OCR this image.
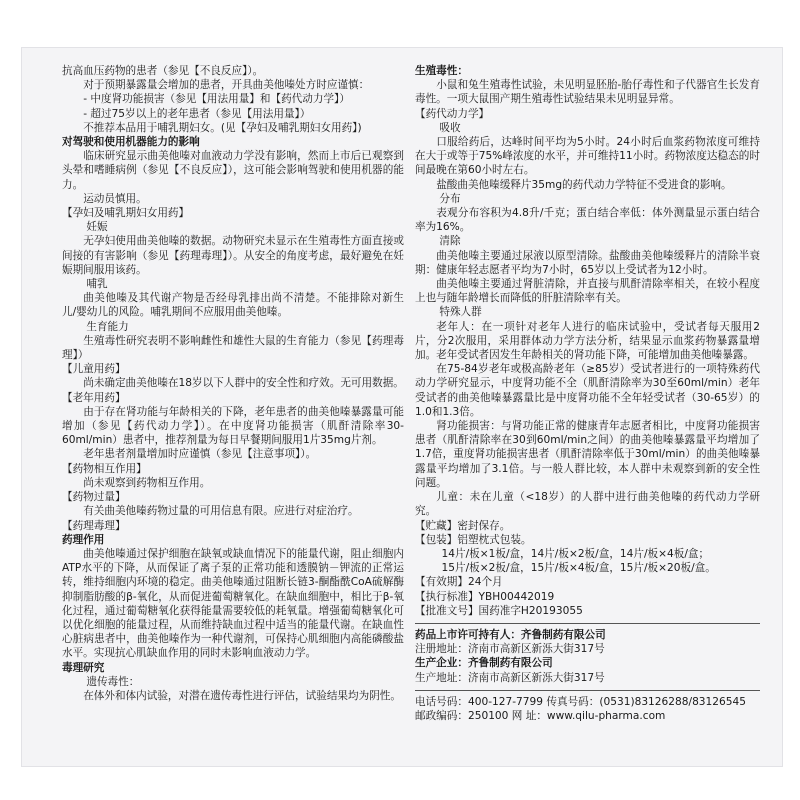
抗高血压药物的患者（参见【不良反应】）。

对于预期暴露量会增加的患者，开具曲美他嗪处方时应谨慎：

- 中度肾功能损害（参见【用法用量】和【药代动力学】）

- 超过75岁以上的老年患者（参见【用法用量】）

不推荐本品用于哺乳期妇女。(见【孕妇及哺乳期妇女用药】)

对驾驶和使用机器能力的影响

临床研究显示曲美他嗪对血液动力学没有影响，然而上市后已观察到头晕和嗜睡病例（参见【不良反应】），这可能会影响驾驶和使用机器的能力。

运动员慎用。

【孕妇及哺乳期妇女用药】

妊娠

无孕妇使用曲美他嗪的数据。动物研究未显示在生殖毒性方面直接或间接的有害影响（参见【药理毒理】）。从安全的角度考虑，最好避免在妊娠期间服用该药。

哺乳

曲美他嗪及其代谢产物是否经母乳排出尚不清楚。不能排除对新生儿/婴幼儿的风险。哺乳期间不应服用曲美他嗪。

生育能力

生殖毒性研究表明不影响雌性和雄性大鼠的生育能力（参见【药理毒理】）

【儿童用药】

尚未确定曲美他嗪在18岁以下人群中的安全性和疗效。无可用数据。

【老年用药】

由于存在肾功能与年龄相关的下降，老年患者的曲美他嗪暴露量可能增加（参见【药代动力学】）。在中度肾功能损害（肌酐清除率30-60ml/min）患者中，推荐剂量为每日早餐期间服用1片35mg片剂。

老年患者剂量增加时应谨慎（参见【注意事项】）。

【药物相互作用】

尚未观察到药物相互作用。

【药物过量】

有关曲美他嗪药物过量的可用信息有限。应进行对症治疗。

【药理毒理】

药理作用

曲美他嗪通过保护细胞在缺氧或缺血情况下的能量代谢，阻止细胞内ATP水平的下降，从而保证了离子泵的正常功能和透膜钠－钾流的正常运转，维持细胞内环境的稳定。曲美他嗪通过阻断长链3-酮酯酰CoA硫解酶抑制脂肪酸的β-氧化，从而促进葡萄糖氧化。在缺血细胞中，相比于β-氧化过程，通过葡萄糖氧化获得能量需要较低的耗氧量。增强葡萄糖氧化可以优化细胞的能量过程，从而维持缺血过程中适当的能量代谢。在缺血性心脏病患者中，曲美他嗪作为一种代谢剂，可保持心肌细胞内高能磷酸盐水平。实现抗心肌缺血作用的同时未影响血液动力学。

毒理研究

遗传毒性：

在体外和体内试验，对潜在遗传毒性进行评估，试验结果均为阴性。

生殖毒性：

小鼠和兔生殖毒性试验，未见明显胚胎-胎仔毒性和子代器官生长发育毒性。一项大鼠围产期生殖毒性试验结果未见明显异常。

【药代动力学】

吸收

口服给药后，达峰时间平均为5小时。24小时后血浆药物浓度可维持在大于或等于75%峰浓度的水平，并可维持11小时。药物浓度达稳态的时间最晚在第60小时左右。

盐酸曲美他嗪缓释片35mg的药代动力学特征不受进食的影响。

分布

表观分布容积为4.8升/千克；蛋白结合率低：体外测量显示蛋白结合率为16%。

清除

曲美他嗪主要通过尿液以原型清除。盐酸曲美他嗪缓释片的清除半衰期：健康年轻志愿者平均为7小时，65岁以上受试者为12小时。

曲美他嗪主要通过肾脏清除，并直接与肌酐清除率相关，在较小程度上也与随年龄增长而降低的肝脏清除率有关。

特殊人群

老年人：在一项针对老年人进行的临床试验中，受试者每天服用2片，分2次服用，采用群体动力学方法分析，结果显示血浆药物暴露量增加。老年受试者因发生年龄相关的肾功能下降，可能增加曲美他嗪暴露。

在75-84岁老年或极高龄老年（≥85岁）受试者进行的一项特殊药代动力学研究显示，中度肾功能不全（肌酐清除率为30至60ml/min）老年受试者的曲美他嗪暴露量比是中度肾功能不全年轻受试者（30-65岁）的1.0和1.3倍。

肾功能损害：与肾功能正常的健康青年志愿者相比，中度肾功能损害患者（肌酐清除率在30到60ml/min之间）的曲美他嗪暴露量平均增加了1.7倍，重度肾功能损害患者（肌酐清除率低于30ml/min）的曲美他嗪暴露量平均增加了3.1倍。与一般人群比较，本人群中未观察到新的安全性问题。

儿童：未在儿童（<18岁）的人群中进行曲美他嗪的药代动力学研究。

【贮藏】密封保存。

【包装】铝塑枕式包装。

14片/板×1板/盒，14片/板×2板/盒，14片/板×4板/盒；

15片/板×2板/盒，15片/板×4板/盒，15片/板×20板/盒。

【有效期】24个月

【执行标准】YBH00442019

【批准文号】国药准字H20193055

药品上市许可持有人：齐鲁制药有限公司

注册地址：济南市高新区新泺大街317号

生产企业：齐鲁制药有限公司

生产地址：济南市高新区新泺大街317号

电话号码：400-127-7799 传真号码：(0531)83126288/83126545

邮政编码：250100 网 址：www.qilu-pharma.com
